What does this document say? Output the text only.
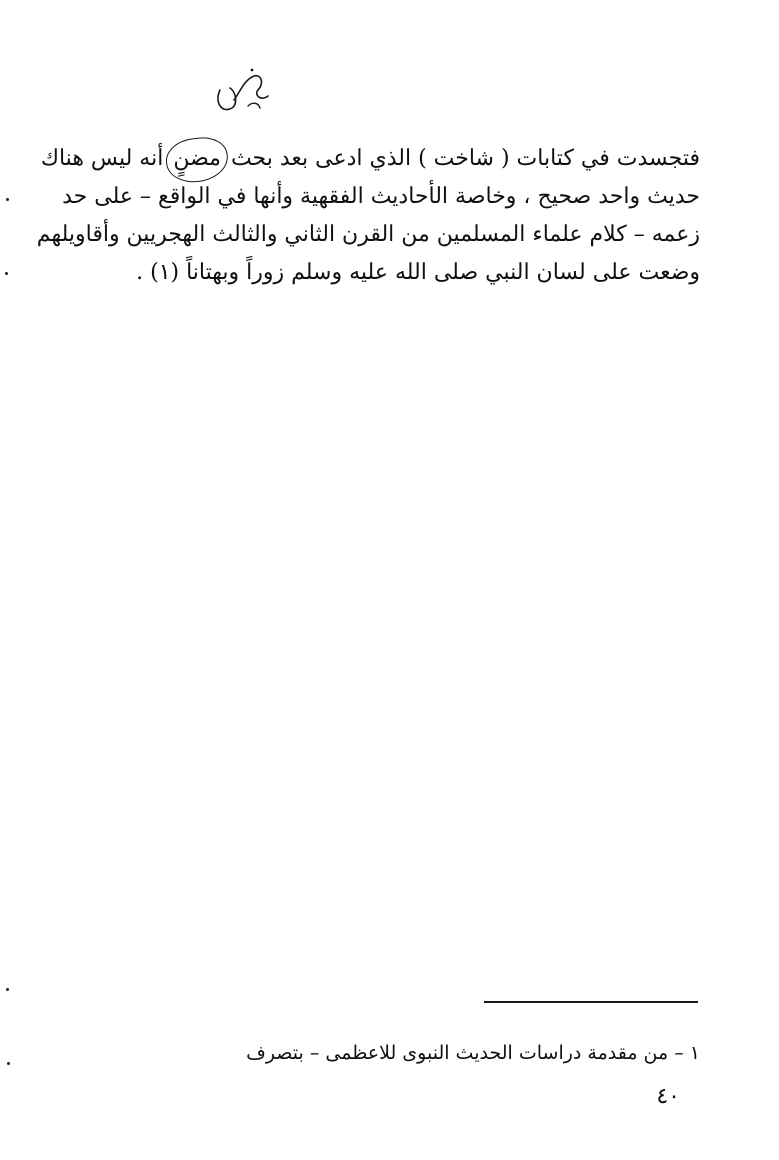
فتجسدت في كتابات ( شاخت ) الذي ادعى بعد بحث مضنٍ أنه ليس هناك
حديث واحد صحيح ، وخاصة الأحاديث الفقهية وأنها في الواقع – على حد
زعمه – كلام علماء المسلمين من القرن الثاني والثالث الهجريين وأقاويلهم
وضعت على لسان النبي صلى الله عليه وسلم زوراً وبهتاناً (١) .
١ – من مقدمة دراسات الحديث النبوى للاعظمى – بتصرف
٤٠
